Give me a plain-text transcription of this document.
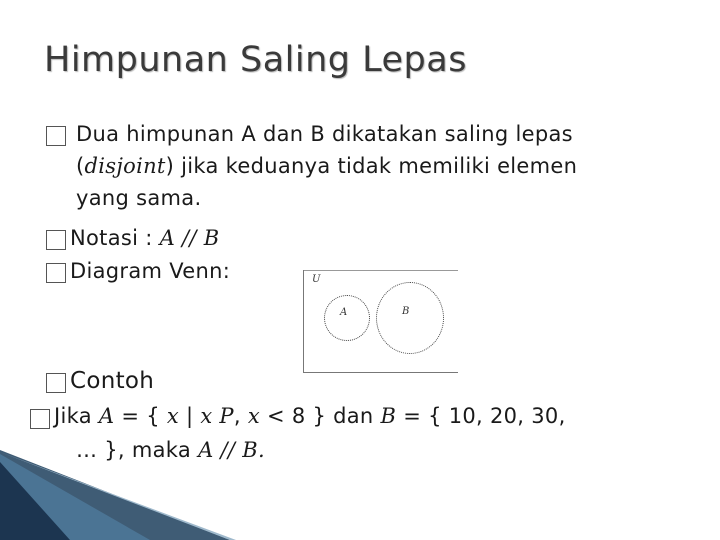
Himpunan Saling Lepas
Dua himpunan A dan B dikatakan saling lepas
(disjoint) jika keduanya tidak memiliki elemen
yang sama.
Notasi : A // B
Diagram Venn:	U
A	B
Contoh
Jika A = { x | x P, x < 8 } dan B = { 10, 20, 30,
… }, maka A // B.
